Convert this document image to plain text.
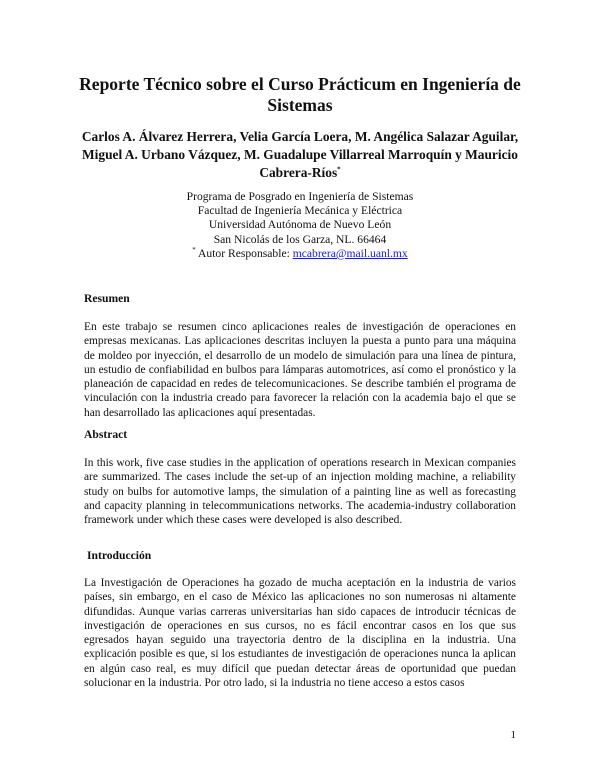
Reporte Técnico sobre el Curso Prácticum en Ingeniería de Sistemas
Carlos A. Álvarez Herrera, Velia García Loera, M. Angélica Salazar Aguilar, Miguel A. Urbano Vázquez, M. Guadalupe Villarreal Marroquín y Mauricio Cabrera-Ríos*
Programa de Posgrado en Ingeniería de Sistemas
Facultad de Ingeniería Mecánica y Eléctrica
Universidad Autónoma de Nuevo León
San Nicolás de los Garza, NL. 66464
* Autor Responsable: mcabrera@mail.uanl.mx
Resumen
En este trabajo se resumen cinco aplicaciones reales de investigación de operaciones en empresas mexicanas. Las aplicaciones descritas incluyen la puesta a punto para una máquina de moldeo por inyección, el desarrollo de un modelo de simulación para una línea de pintura, un estudio de confiabilidad en bulbos para lámparas automotrices, así como el pronóstico y la planeación de capacidad en redes de telecomunicaciones. Se describe también el programa de vinculación con la industria creado para favorecer la relación con la academia bajo el que se han desarrollado las aplicaciones aquí presentadas.
Abstract
In this work, five case studies in the application of operations research in Mexican companies are summarized. The cases include the set-up of an injection molding machine, a reliability study on bulbs for automotive lamps, the simulation of a painting line as well as forecasting and capacity planning in telecommunications networks. The academia-industry collaboration framework under which these cases were developed is also described.
Introducción
La Investigación de Operaciones ha gozado de mucha aceptación en la industria de varios países, sin embargo, en el caso de México las aplicaciones no son numerosas ni altamente difundidas. Aunque varias carreras universitarias han sido capaces de introducir técnicas de investigación de operaciones en sus cursos, no es fácil encontrar casos en los que sus egresados hayan seguido una trayectoria dentro de la disciplina en la industria. Una explicación posible es que, si los estudiantes de investigación de operaciones nunca la aplican en algún caso real, es muy difícil que puedan detectar áreas de oportunidad que puedan solucionar en la industria. Por otro lado, si la industria no tiene acceso a estos casos
1
